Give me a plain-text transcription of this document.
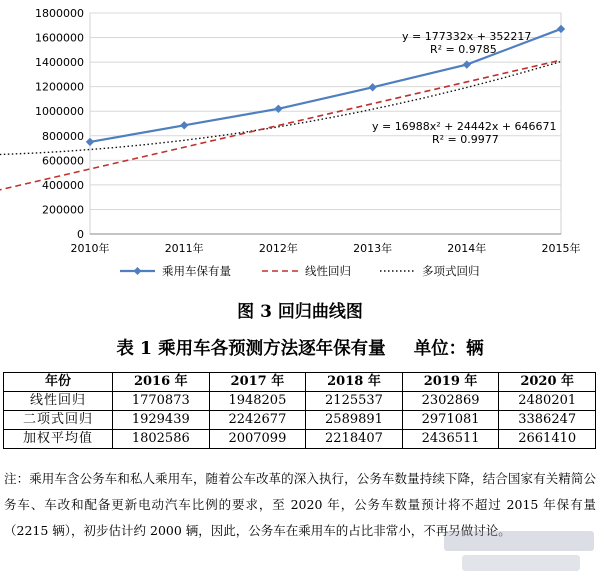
0
200000
400000
600000
800000
1000000
1200000
1400000
1600000
1800000
2010年	2011年	2012年	2013年	2014年	2015年
y = 177332x + 352217
R² = 0.9785
y = 16988x² + 24442x + 646671
R² = 0.9977
乘用车保有量	线性回归	多项式回归
图 3 回归曲线图
表 1 乘用车各预测方法逐年保有量 单位：辆
年份	2016 年	2017 年	2018 年	2019 年	2020 年
线性回归	1770873	1948205	2125537	2302869	2480201
二项式回归	1929439	2242677	2589891	2971081	3386247
加权平均值	1802586	2007099	2218407	2436511	2661410
注：乘用车含公务车和私人乘用车，随着公车改革的深入执行，公务车数量持续下降，结合国家有关精简公务车、车改和配备更新电动汽车比例的要求，至 2020 年，公务车数量预计将不超过 2015 年保有量（2215 辆），初步估计约 2000 辆，因此，公务车在乘用车的占比非常小，不再另做讨论。
